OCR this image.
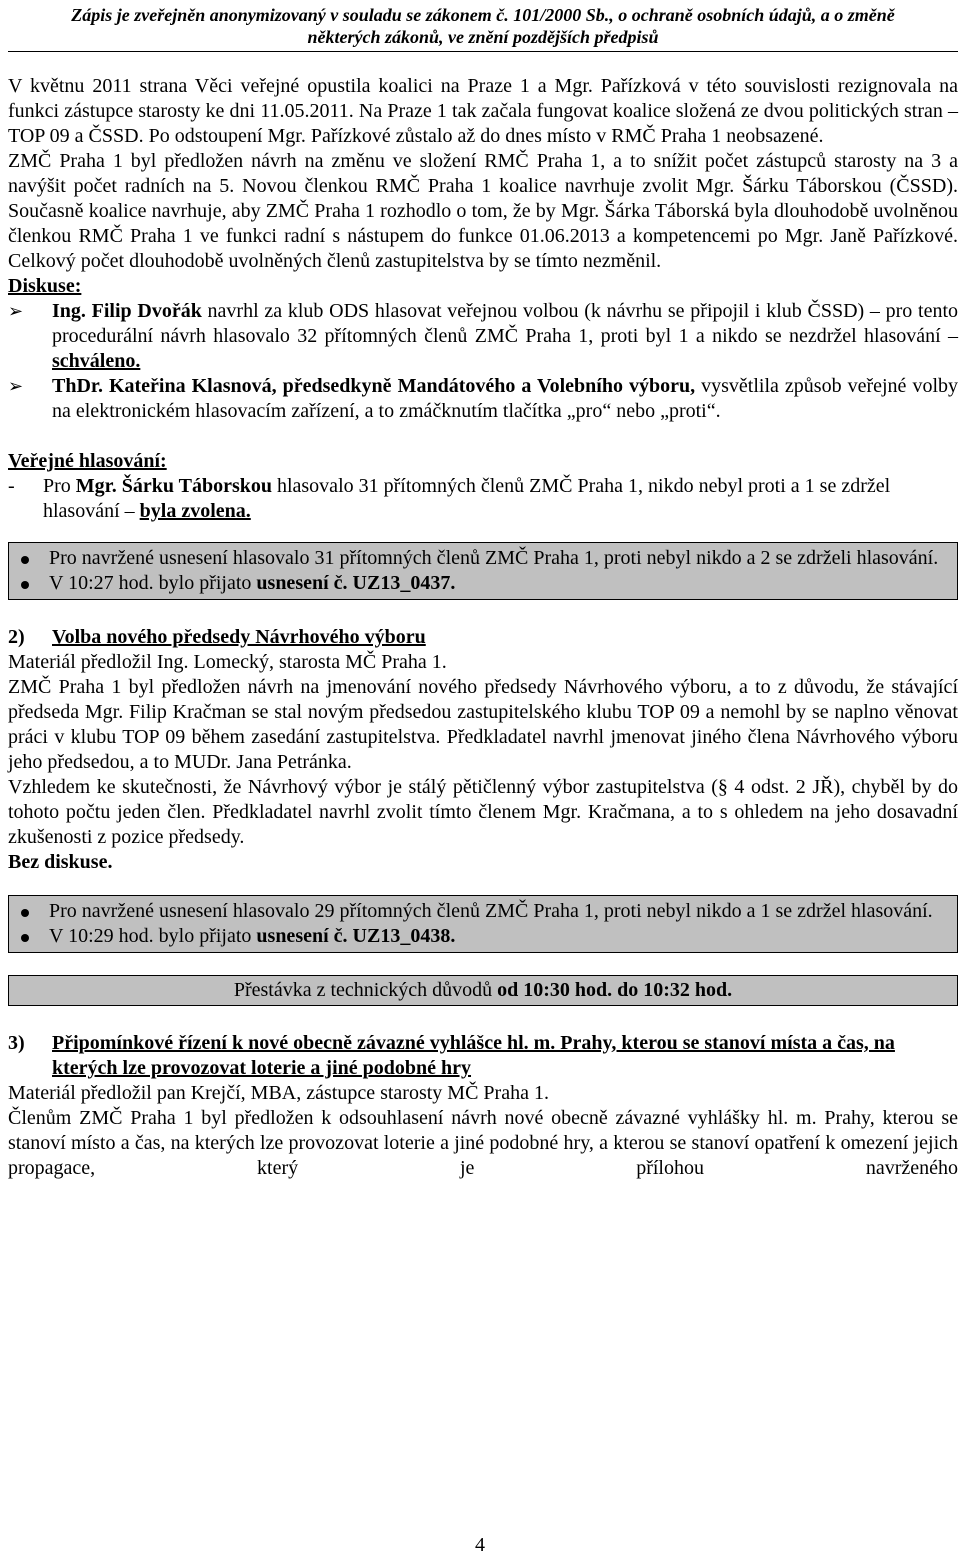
Zápis je zveřejněn anonymizovaný v souladu se zákonem č. 101/2000 Sb., o ochraně osobních údajů, a o změně
některých zákonů, ve znění pozdějších předpisů

V květnu 2011 strana Věci veřejné opustila koalici na Praze 1 a Mgr. Pařízková v této souvislosti rezignovala na funkci zástupce starosty ke dni 11.05.2011. Na Praze 1 tak začala fungovat koalice složená ze dvou politických stran – TOP 09 a ČSSD. Po odstoupení Mgr. Pařízkové zůstalo až do dnes místo v RMČ Praha 1 neobsazené.

ZMČ Praha 1 byl předložen návrh na změnu ve složení RMČ Praha 1, a to snížit počet zástupců starosty na 3 a navýšit počet radních na 5. Novou členkou RMČ Praha 1 koalice navrhuje zvolit Mgr. Šárku Táborskou (ČSSD). Současně koalice navrhuje, aby ZMČ Praha 1 rozhodlo o tom, že by Mgr. Šárka Táborská byla dlouhodobě uvolněnou členkou RMČ Praha 1 ve funkci radní s nástupem do funkce 01.06.2013 a kompetencemi po Mgr. Janě Pařízkové. Celkový počet dlouhodobě uvolněných členů zastupitelstva by se tímto nezměnil.

Diskuse:
➢ Ing. Filip Dvořák navrhl za klub ODS hlasovat veřejnou volbou (k návrhu se připojil i klub ČSSD) – pro tento procedurální návrh hlasovalo 32 přítomných členů ZMČ Praha 1, proti byl 1 a nikdo se nezdržel hlasování – schváleno.
➢ ThDr. Kateřina Klasnová, předsedkyně Mandátového a Volebního výboru, vysvětlila způsob veřejné volby na elektronickém hlasovacím zařízení, a to zmáčknutím tlačítka „pro“ nebo „proti“.
Veřejné hlasování:
- Pro Mgr. Šárku Táborskou hlasovalo 31 přítomných členů ZMČ Praha 1, nikdo nebyl proti a 1 se zdržel hlasování – byla zvolena.
Pro navržené usnesení hlasovalo 31 přítomných členů ZMČ Praha 1, proti nebyl nikdo a 2 se zdrželi hlasování.
V 10:27 hod. bylo přijato usnesení č. UZ13_0437.
2)	Volba nového předsedy Návrhového výboru

Materiál předložil Ing. Lomecký, starosta MČ Praha 1.

ZMČ Praha 1 byl předložen návrh na jmenování nového předsedy Návrhového výboru, a to z důvodu, že stávající předseda Mgr. Filip Kračman se stal novým předsedou zastupitelského klubu TOP 09 a nemohl by se naplno věnovat práci v klubu TOP 09 během zasedání zastupitelstva. Předkladatel navrhl jmenovat jiného člena Návrhového výboru jeho předsedou, a to MUDr. Jana Petránka.

Vzhledem ke skutečnosti, že Návrhový výbor je stálý pětičlenný výbor zastupitelstva (§ 4 odst. 2 JŘ), chyběl by do tohoto počtu jeden člen. Předkladatel navrhl zvolit tímto členem Mgr. Kračmana, a to s ohledem na jeho dosavadní zkušenosti z pozice předsedy.

Bez diskuse.

Pro navržené usnesení hlasovalo 29 přítomných členů ZMČ Praha 1, proti nebyl nikdo a 1 se zdržel hlasování.
V 10:29 hod. bylo přijato usnesení č. UZ13_0438.
Přestávka z technických důvodů od 10:30 hod. do 10:32 hod.
3)	Připomínkové řízení k nové obecně závazné vyhlášce hl. m. Prahy, kterou se stanoví místa a čas, na kterých lze provozovat loterie a jiné podobné hry

Materiál předložil pan Krejčí, MBA, zástupce starosty MČ Praha 1.

Členům ZMČ Praha 1 byl předložen k odsouhlasení návrh nové obecně závazné vyhlášky hl. m. Prahy, kterou se stanoví místo a čas, na kterých lze provozovat loterie a jiné podobné hry, a kterou se stanoví opatření k omezení jejich propagace, který je přílohou navrženého

4
